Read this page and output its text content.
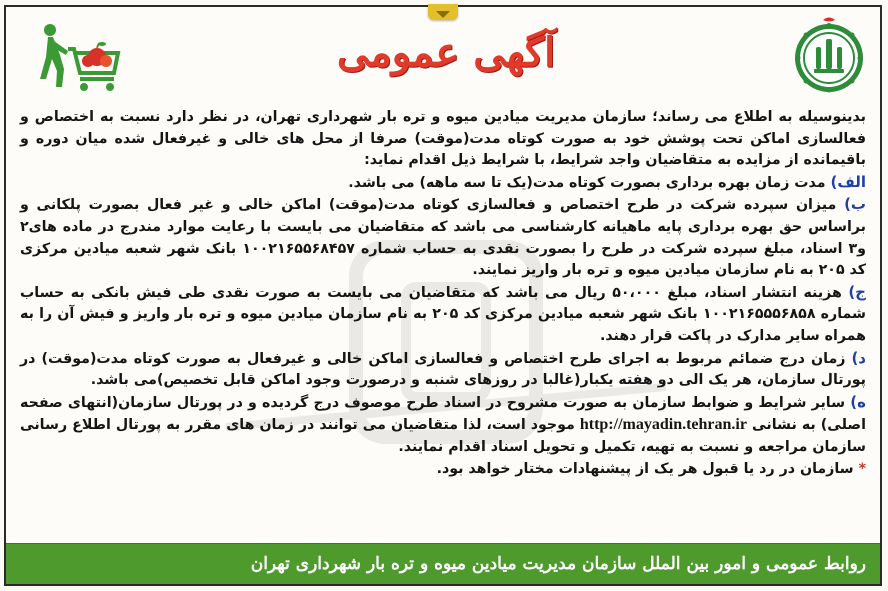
آگهی عمومی

بدینوسیله به اطلاع می رساند؛ سازمان مدیریت میادین میوه و تره بار شهرداری تهران، در نظر دارد نسبت به اختصاص و فعالسازی اماکن تحت پوشش خود به صورت کوتاه مدت(موقت) صرفا از محل های خالی و غیرفعال شده میان دوره و باقیمانده از مزایده به متقاضیان واجد شرایط، با شرایط ذیل اقدام نماید:

الف) مدت زمان بهره برداری بصورت کوتاه مدت(یک تا سه ماهه) می باشد.

ب) میزان سپرده شرکت در طرح اختصاص و فعالسازی کوتاه مدت(موقت) اماکن خالی و غیر فعال بصورت پلکانی و براساس حق بهره برداری پایه ماهیانه کارشناسی می باشد که متقاضیان می بایست با رعایت موارد مندرج در ماده های۲ و۳ اسناد، مبلغ سپرده شرکت در طرح را بصورت نقدی به حساب شماره ۱۰۰۲۱۶۵۵۶۸۴۵۷ بانک شهر شعبه میادین مرکزی کد ۲۰۵ به نام سازمان میادین میوه و تره بار واریز نمایند.

ج) هزینه انتشار اسناد، مبلغ ۵۰،۰۰۰ ریال می باشد که متقاضیان می بایست به صورت نقدی طی فیش بانکی به حساب شماره ۱۰۰۲۱۶۵۵۵۶۸۵۸ بانک شهر شعبه میادین مرکزی کد ۲۰۵ به نام سازمان میادین میوه و تره بار واریز و فیش آن را به همراه سایر مدارک در پاکت قرار دهند.

د) زمان درج ضمائم مربوط به اجرای طرح اختصاص و فعالسازی اماکن خالی و غیرفعال به صورت کوتاه مدت(موقت) در پورتال سازمان، هر یک الی دو هفته یکبار(غالبا در روزهای شنبه و درصورت وجود اماکن قابل تخصیص)می باشد.

ه) سایر شرایط و ضوابط سازمان به صورت مشروح در اسناد طرح موصوف درج گردیده و در پورتال سازمان(انتهای صفحه اصلی) به نشانی http://mayadin.tehran.ir موجود است، لذا متقاضیان می توانند در زمان های مقرر به پورتال اطلاع رسانی سازمان مراجعه و نسبت به تهیه، تکمیل و تحویل اسناد اقدام نمایند.

* سازمان در رد یا قبول هر یک از پیشنهادات مختار خواهد بود.

روابط عمومی و امور بین الملل سازمان مدیریت میادین میوه و تره بار شهرداری تهران
